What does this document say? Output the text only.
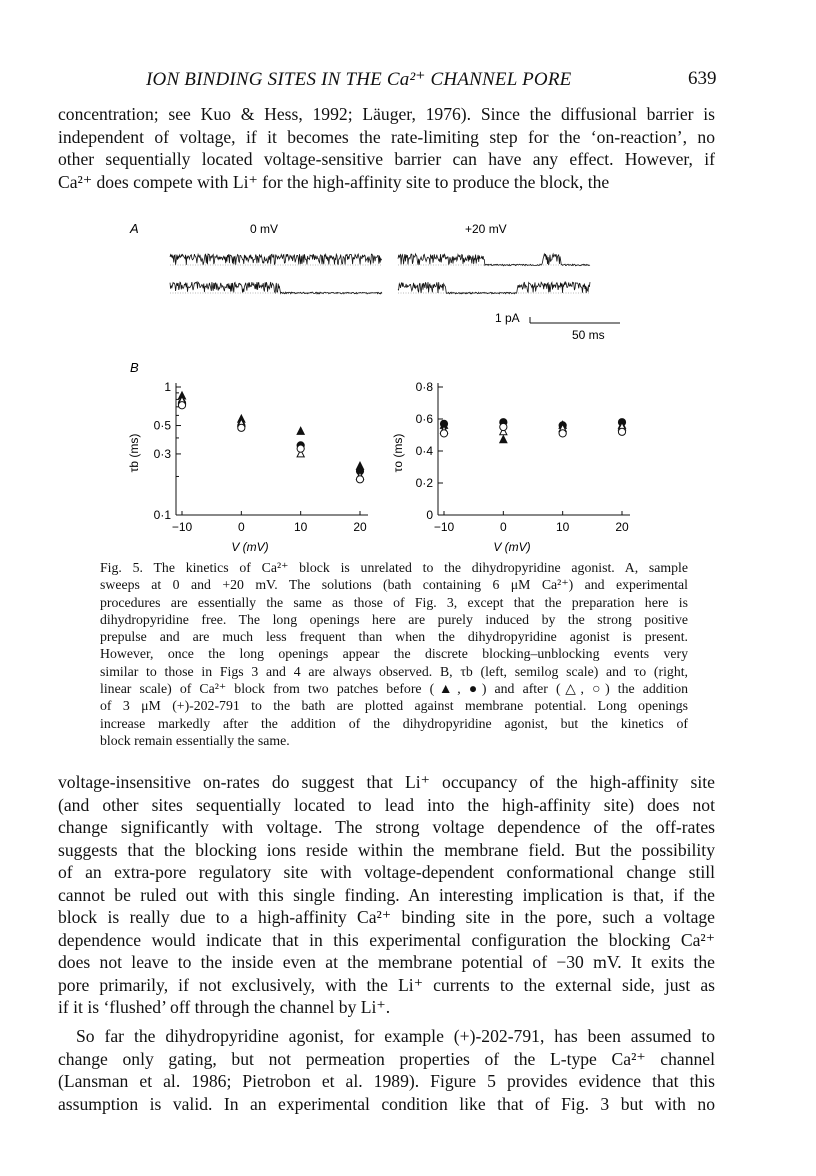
ION BINDING SITES IN THE Ca²⁺ CHANNEL PORE	639

concentration; see Kuo & Hess, 1992; Läuger, 1976). Since the diffusional barrier is
independent of voltage, if it becomes the rate-limiting step for the ‘on-reaction’, no
other sequentially located voltage-sensitive barrier can have any effect. However, if
Ca²⁺ does compete with Li⁺ for the high-affinity site to produce the block, the

A	0 mV	+20 mV
1 pA
50 ms
B
−10	0	10	20
0·1
0·3
0·5
1
τb (ms)
V (mV)
−10	0	10	20
0
0·2
0·4
0·6
0·8
τo (ms)
V (mV)

Fig. 5. The kinetics of Ca²⁺ block is unrelated to the dihydropyridine agonist. A, sample
sweeps at 0 and +20 mV. The solutions (bath containing 6 μM Ca²⁺) and experimental
procedures are essentially the same as those of Fig. 3, except that the preparation here is
dihydropyridine free. The long openings here are purely induced by the strong positive
prepulse and are much less frequent than when the dihydropyridine agonist is present.
However, once the long openings appear the discrete blocking–unblocking events very
similar to those in Figs 3 and 4 are always observed. B, τb (left, semilog scale) and τo (right,
linear scale) of Ca²⁺ block from two patches before (▲, ●) and after (△, ○) the addition
of 3 μM (+)-202-791 to the bath are plotted against membrane potential. Long openings
increase markedly after the addition of the dihydropyridine agonist, but the kinetics of
block remain essentially the same.

voltage-insensitive on-rates do suggest that Li⁺ occupancy of the high-affinity site
(and other sites sequentially located to lead into the high-affinity site) does not
change significantly with voltage. The strong voltage dependence of the off-rates
suggests that the blocking ions reside within the membrane field. But the possibility
of an extra-pore regulatory site with voltage-dependent conformational change still
cannot be ruled out with this single finding. An interesting implication is that, if the
block is really due to a high-affinity Ca²⁺ binding site in the pore, such a voltage
dependence would indicate that in this experimental configuration the blocking Ca²⁺
does not leave to the inside even at the membrane potential of −30 mV. It exits the
pore primarily, if not exclusively, with the Li⁺ currents to the external side, just as
if it is ‘flushed’ off through the channel by Li⁺.

So far the dihydropyridine agonist, for example (+)-202-791, has been assumed to
change only gating, but not permeation properties of the L-type Ca²⁺ channel
(Lansman et al. 1986; Pietrobon et al. 1989). Figure 5 provides evidence that this
assumption is valid. In an experimental condition like that of Fig. 3 but with no
